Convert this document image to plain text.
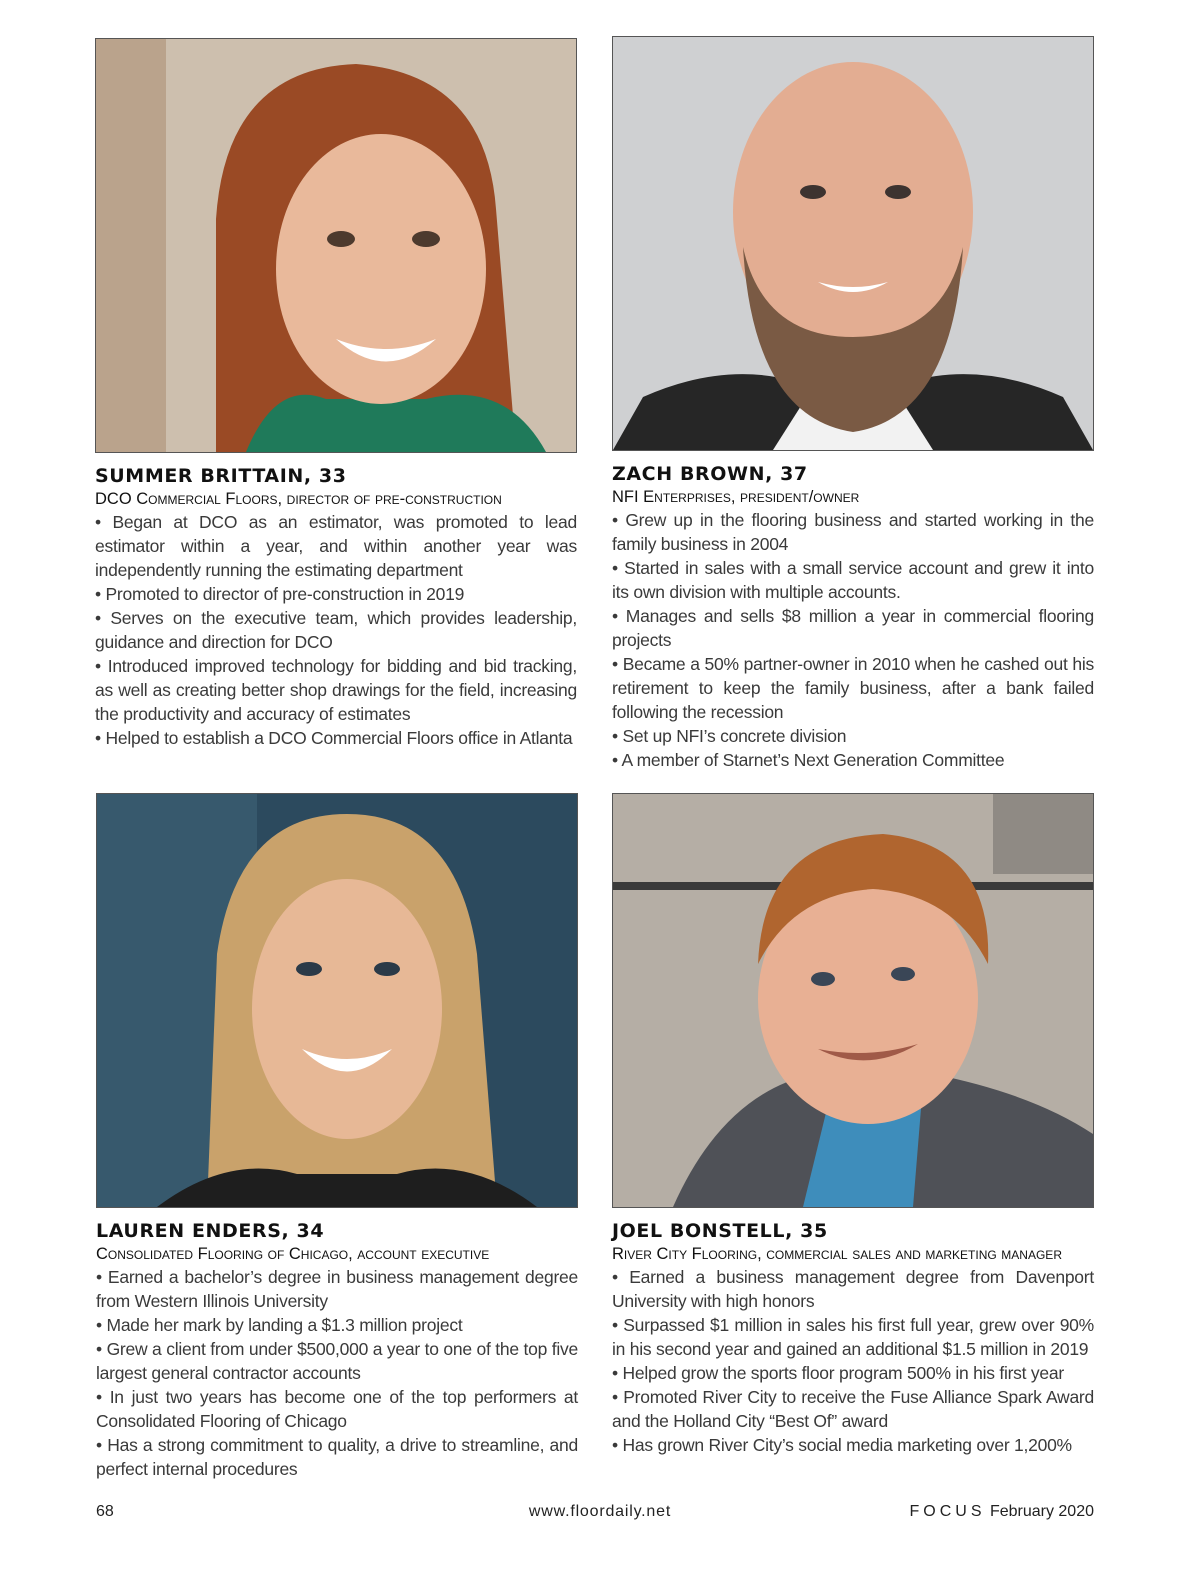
SUMMER BRITTAIN, 33
DCO Commercial Floors, director of pre-construction
• Began at DCO as an estimator, was promoted to lead estimator within a year, and within another year was independently running the estimating department
• Promoted to director of pre-construction in 2019
• Serves on the executive team, which provides leadership, guidance and direction for DCO
• Introduced improved technology for bidding and bid tracking, as well as creating better shop drawings for the field, increasing the productivity and accuracy of estimates
• Helped to establish a DCO Commercial Floors office in Atlanta
ZACH BROWN, 37
NFI Enterprises, president/owner
• Grew up in the flooring business and started working in the family business in 2004
• Started in sales with a small service account and grew it into its own division with multiple accounts.
• Manages and sells $8 million a year in commercial flooring projects
• Became a 50% partner-owner in 2010 when he cashed out his retirement to keep the family business, after a bank failed following the recession
• Set up NFI’s concrete division
• A member of Starnet’s Next Generation Committee
LAUREN ENDERS, 34
Consolidated Flooring of Chicago, account executive
• Earned a bachelor’s degree in business management degree from Western Illinois University
• Made her mark by landing a $1.3 million project
• Grew a client from under $500,000 a year to one of the top five largest general contractor accounts
• In just two years has become one of the top performers at Consolidated Flooring of Chicago
• Has a strong commitment to quality, a drive to streamline, and perfect internal procedures
JOEL BONSTELL, 35
River City Flooring, commercial sales and marketing manager
• Earned a business management degree from Davenport University with high honors
• Surpassed $1 million in sales his first full year, grew over 90% in his second year and gained an additional $1.5 million in 2019
• Helped grow the sports floor program 500% in his first year
• Promoted River City to receive the Fuse Alliance Spark Award and the Holland City “Best Of” award
• Has grown River City’s social media marketing over 1,200%
68	www.floordaily.net	FOCUS February 2020
